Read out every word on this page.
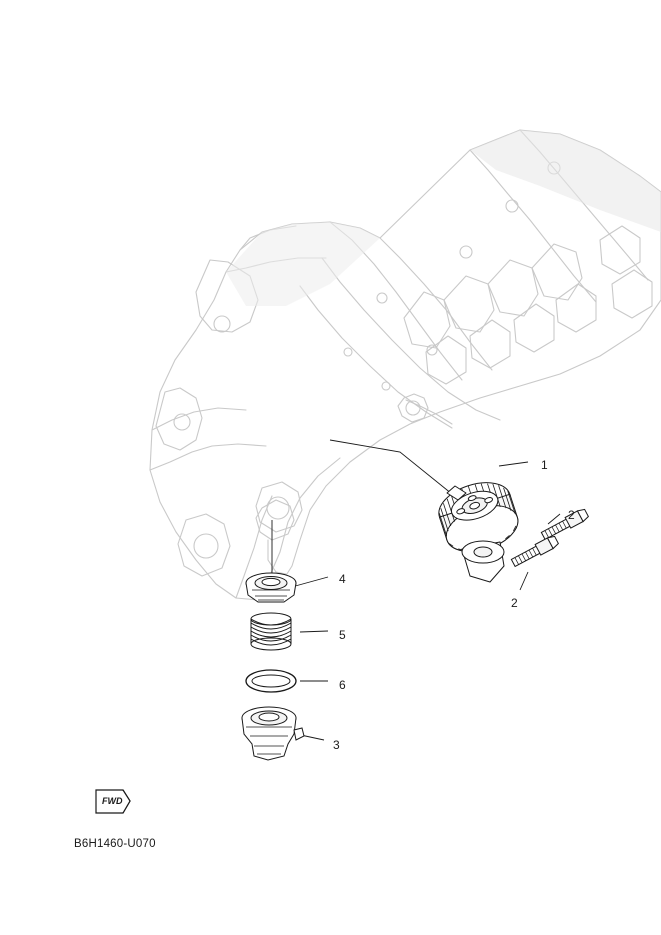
FWD
1
2
2
4
5
6
3
B6H1460-U070
